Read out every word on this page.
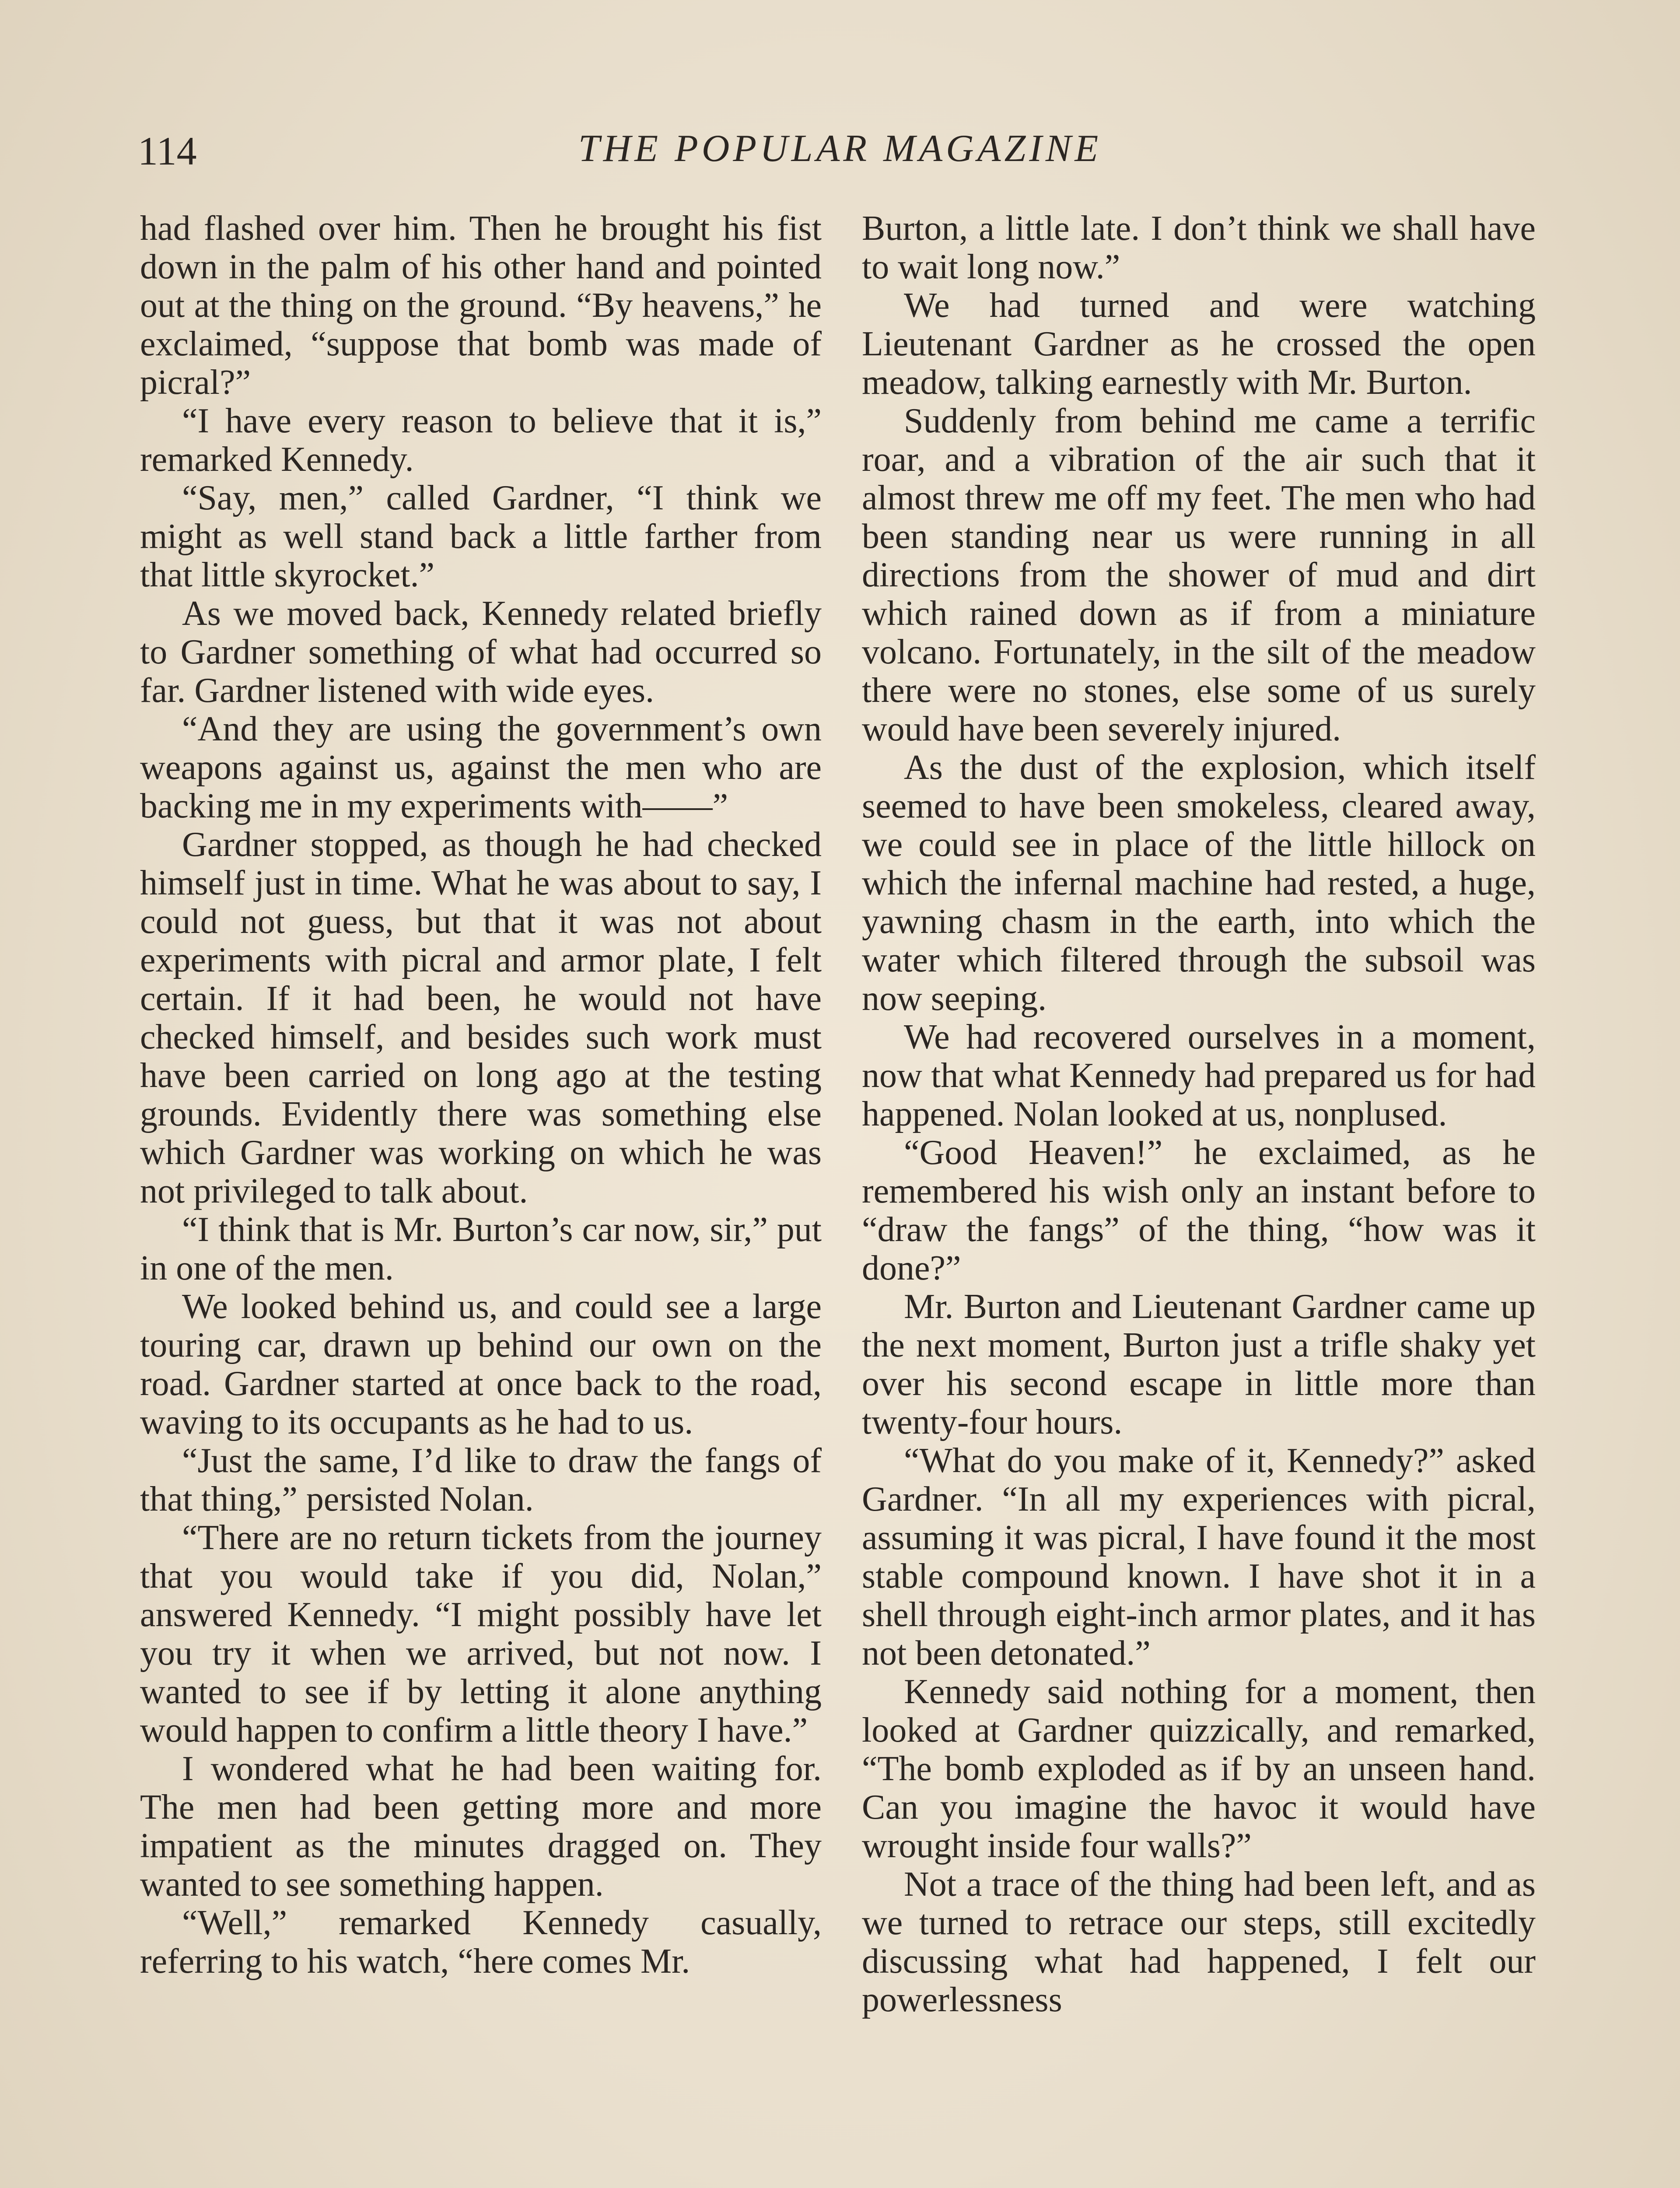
114	THE POPULAR MAGAZINE

had flashed over him. Then he brought his fist down in the palm of his other hand and pointed out at the thing on the ground. “By heavens,” he exclaimed, “suppose that bomb was made of picral?”

“I have every reason to believe that it is,” remarked Kennedy.

“Say, men,” called Gardner, “I think we might as well stand back a little farther from that little skyrocket.”

As we moved back, Kennedy related briefly to Gardner something of what had occurred so far. Gardner listened with wide eyes.

“And they are using the government’s own weapons against us, against the men who are backing me in my experiments with——”

Gardner stopped, as though he had checked himself just in time. What he was about to say, I could not guess, but that it was not about experiments with picral and armor plate, I felt certain. If it had been, he would not have checked himself, and besides such work must have been carried on long ago at the testing grounds. Evidently there was something else which Gardner was working on which he was not privileged to talk about.

“I think that is Mr. Burton’s car now, sir,” put in one of the men.

We looked behind us, and could see a large touring car, drawn up behind our own on the road. Gardner started at once back to the road, waving to its occupants as he had to us.

“Just the same, I’d like to draw the fangs of that thing,” persisted Nolan.

“There are no return tickets from the journey that you would take if you did, Nolan,” answered Kennedy. “I might possibly have let you try it when we arrived, but not now. I wanted to see if by letting it alone anything would happen to confirm a little theory I have.”

I wondered what he had been waiting for. The men had been getting more and more impatient as the minutes dragged on. They wanted to see something happen.

“Well,” remarked Kennedy casually, referring to his watch, “here comes Mr.

Burton, a little late. I don’t think we shall have to wait long now.”

We had turned and were watching Lieutenant Gardner as he crossed the open meadow, talking earnestly with Mr. Burton.

Suddenly from behind me came a terrific roar, and a vibration of the air such that it almost threw me off my feet. The men who had been standing near us were running in all directions from the shower of mud and dirt which rained down as if from a miniature volcano. Fortunately, in the silt of the meadow there were no stones, else some of us surely would have been severely injured.

As the dust of the explosion, which itself seemed to have been smokeless, cleared away, we could see in place of the little hillock on which the infernal machine had rested, a huge, yawning chasm in the earth, into which the water which filtered through the subsoil was now seeping.

We had recovered ourselves in a moment, now that what Kennedy had prepared us for had happened. Nolan looked at us, nonplused.

“Good Heaven!” he exclaimed, as he remembered his wish only an instant before to “draw the fangs” of the thing, “how was it done?”

Mr. Burton and Lieutenant Gardner came up the next moment, Burton just a trifle shaky yet over his second escape in little more than twenty-four hours.

“What do you make of it, Kennedy?” asked Gardner. “In all my experiences with picral, assuming it was picral, I have found it the most stable compound known. I have shot it in a shell through eight-inch armor plates, and it has not been detonated.”

Kennedy said nothing for a moment, then looked at Gardner quizzically, and remarked, “The bomb exploded as if by an unseen hand. Can you imagine the havoc it would have wrought inside four walls?”

Not a trace of the thing had been left, and as we turned to retrace our steps, still excitedly discussing what had happened, I felt our powerlessness
